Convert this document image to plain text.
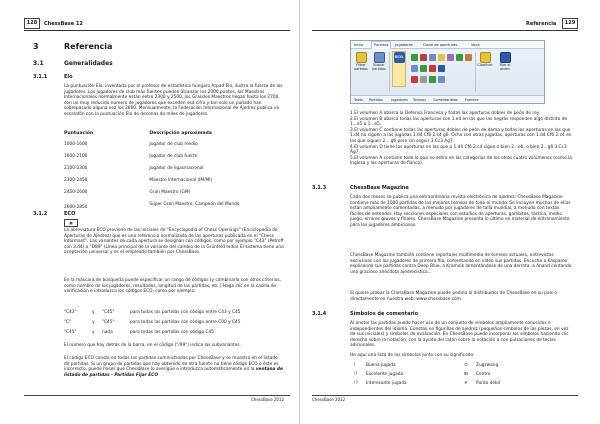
128	ChessBase 12
3	Referencia
3.1	Generalidades
3.1.1	Elo
La puntuación Elo, inventada por el profesor de estadística húngaro Arpad Elo, ilustra la fuerza de los jugadores. Los jugadores de club más fuertes pueden alcanzar los 2000 puntos, los Maestros Internacionales normalmente están entre 2300 y 2500, los Grandes Maestros llegan hasta los 2700, con un muy reducido número de jugadores que exceden esa cifra y tan solo un puñado han sobrepasado alguna vez los 2800. Mensualmente, la Federación Internacional de Ajedrez publica un escalafón con la puntuación Elo de decenas de miles de jugadores.
Puntuación	Descripción aproximada
1000-1600	Jugador de club medio
1600-2100	Jugador de club fuerte
2100-2300	Jugador de ligas/nacional
2300-2450	Maestro Internacional (IM/MI)
2450-2600	Gran Maestro (GM)
2600-2850	Super Gran Maestro, Campeón del Mundo
3.1.2	ECO
■
La abreviatura ECO proviene de las iniciales de "Encyclopedia of Chess Openings" (Enciclopedia de Aperturas de Ajedrez) que es una referencia normalizada de las aperturas publicada en el "Chess Informant". Las variantes de cada apertura se designan con códigos, como por ejemplo "C43" (Petroff con 3.d4) o "D89" (Línea principal de la variante del cambio de la Grünfeld India) El sistema tiene una aceptación universal y es el empleado también por ChessBase.
En la máscara de búsqueda puede especificar un rango de códigos (y combinarlo con otros criterios, como nombre de los jugadores, resultados, longitud de las partidas, etc.) Haga clic en la casilla de verificación e introduzca los códigos ECO, como por ejemplo:
"C43"	y	"C45"	para todas las partidas con código entre C43 y C45
"C"	y	"C45"	para todas las partidas con código entre C00 y C45
"C45"	y	nada	para todas las partidas con código C45
El número que hay detrás de la barra, en el código ("/99") indica las subvariantes.
El código ECO consta en todas las partidas suministradas por ChessBase y se muestra en el listado de partidas. Si un grupo de partidas que hay obtenido de otra fuente no tiene código ECO o éste es incorrecto, puede hacer que ChessBase lo averigüe e introduzca automáticamente en la ventana de listado de partidas - Partidas Fijar ECO
ChessBase 2012
Referencia	129
Inicio	Partidas	Jugadores	Clave de aperturas	Voca
Filtrar partidas
Buscar partidas
ECO
Clasificar	Fijar el orden
Tabla Partidas Jugadores Torneos Comentaristas Fuentes
1.El volumen A abarca la Defensa Francesa y todas las aperturas dobles de peón de rey.
2.El volumen B abarca todas las aperturas con 1.e4 en las que las negras responden algo distinto de 1...e5 o 1...e5.
3.El volumen C contiene todas las aperturas dobles de peón de dama y todas las aperturas en las que 1.d4 no siguen a las jugadas 1.d4 Cf6 2.c4 g6. Ocho con otras jugadas, aperturas con 1.d4 Cf6 2.c4 en las que siguen 2... g6 pero sin seguir 3.Cc3 Ag7.
4.El volumen D tiene las aperturas en las que a 1.d4 Cf6 2.c4 sigue o bien 2...e6, o bien 2...g6 3.Cc3 Ag7.
5.El volumen A contiene todo lo que no entra en las categorías de los otros cuatro volúmenes (como la Inglesa y las aperturas de flanco).
3.1.3	ChessBase Magazine
Cada dos meses se publica una extraordinaria revista electrónica de ajedrez: ChessBase Magazine contiene más de 1000 partidas de los mejores torneos de todo el mundo. Se incluyen muchas de ellas están ampliamente comentadas, a menudo por jugadores de talla mundial, a menudo con textos fáciles de entender. Hay secciones especiales con estudios de aperturas, gambitos, táctica, medio juego, errores graves y finales. ChessBase Magazine presenta lo último en material de entrenamiento para los jugadores ambiciosos.
ChessBase Magazine también contiene reportajes multimedia de torneos actuales, entrevistas exclusivas con los jugadores de primera fila, comentando en vídeo sus partidas. Encuche a Kasparov explicando sus partidas contra Deep Blue, a Kramnik lamentándose de una derrota, a Anand contando una gracioso anécdota ajedrecística...
Si quiere probar la ChessBase Magazine puede pedirla al distribuidor de ChessBase en su país o directamente en nuestra web: www.chessbase.com.
3.1.4	Símbolos de comentario
Al anotar las partidas puede hacer uso de un conjunto de símbolos ampliamente conocidos e independientes del idioma. Constan en figurillas de ajedrez (pequeños símbolos de las piezas, en vez de sus iniciales) y símbolos de evaluación. En ChessBase puede incorporar los símbolos haciendo clic derecho sobre la notación, con la ayuda del ratón sobre la notación o con pulsaciones de teclas adicionales.
He aquí una lista de los símbolos junto con su significado:
!	Buena jugada	⊙ Zugzwang
!!	Excelente jugada	⊞ Centro
!?	Interesante jugada	✕ Punto débil
ChessBase 2012
